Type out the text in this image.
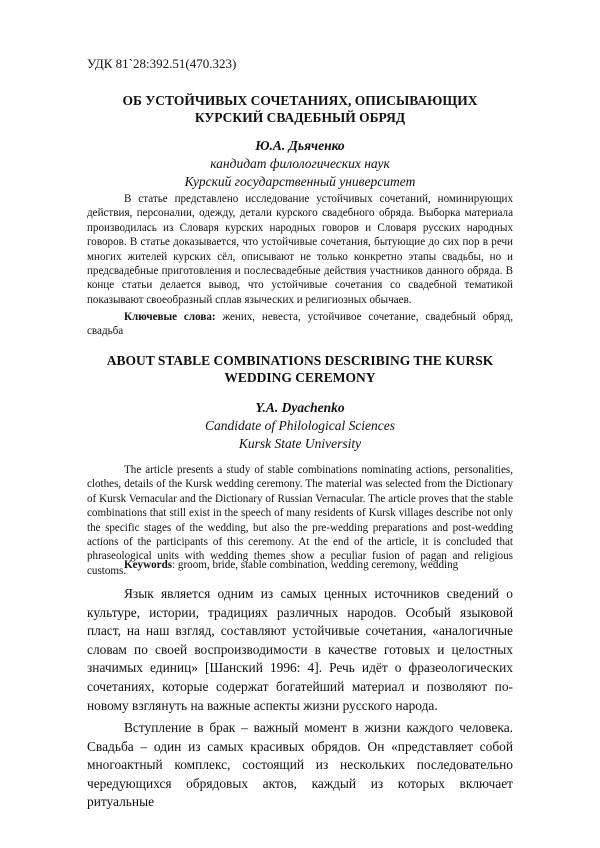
УДК 81`28:392.51(470.323)
ОБ УСТОЙЧИВЫХ СОЧЕТАНИЯХ, ОПИСЫВАЮЩИХ КУРСКИЙ СВАДЕБНЫЙ ОБРЯД
Ю.А. Дьяченко
кандидат филологических наук
Курский государственный университет

В статье представлено исследование устойчивых сочетаний, номинирующих действия, персоналии, одежду, детали курского свадебного обряда. Выборка материала производилась из Словаря курских народных говоров и Словаря русских народных говоров. В статье доказывается, что устойчивые сочетания, бытующие до сих пор в речи многих жителей курских сёл, описывают не только конкретно этапы свадьбы, но и предсвадебные приготовления и послесвадебные действия участников данного обряда. В конце статьи делается вывод, что устойчивые сочетания со свадебной тематикой показывают своеобразный сплав языческих и религиозных обычаев.

Ключевые слова: жених, невеста, устойчивое сочетание, свадебный обряд, свадьба

ABOUT STABLE COMBINATIONS DESCRIBING THE KURSK WEDDING CEREMONY
Y.A. Dyachenko
Candidate of Philological Sciences
Kursk State University

The article presents a study of stable combinations nominating actions, personalities, clothes, details of the Kursk wedding ceremony. The material was selected from the Dictionary of Kursk Vernacular and the Dictionary of Russian Vernacular. The article proves that the stable combinations that still exist in the speech of many residents of Kursk villages describe not only the specific stages of the wedding, but also the pre-wedding preparations and post-wedding actions of the participants of this ceremony. At the end of the article, it is concluded that phraseological units with wedding themes show a peculiar fusion of pagan and religious customs.

Keywords: groom, bride, stable combination, wedding ceremony, wedding

Язык является одним из самых ценных источников сведений о культуре, истории, традициях различных народов. Особый языковой пласт, на наш взгляд, составляют устойчивые сочетания, «аналогичные словам по своей воспроизводимости в качестве готовых и целостных значимых единиц» [Шанский 1996: 4]. Речь идёт о фразеологических сочетаниях, которые содержат богатейший материал и позволяют по-новому взглянуть на важные аспекты жизни русского народа.

Вступление в брак – важный момент в жизни каждого человека. Свадьба – один из самых красивых обрядов. Он «представляет собой многоактный комплекс, состоящий из нескольких последовательно чередующихся обрядовых актов, каждый из которых включает ритуальные
